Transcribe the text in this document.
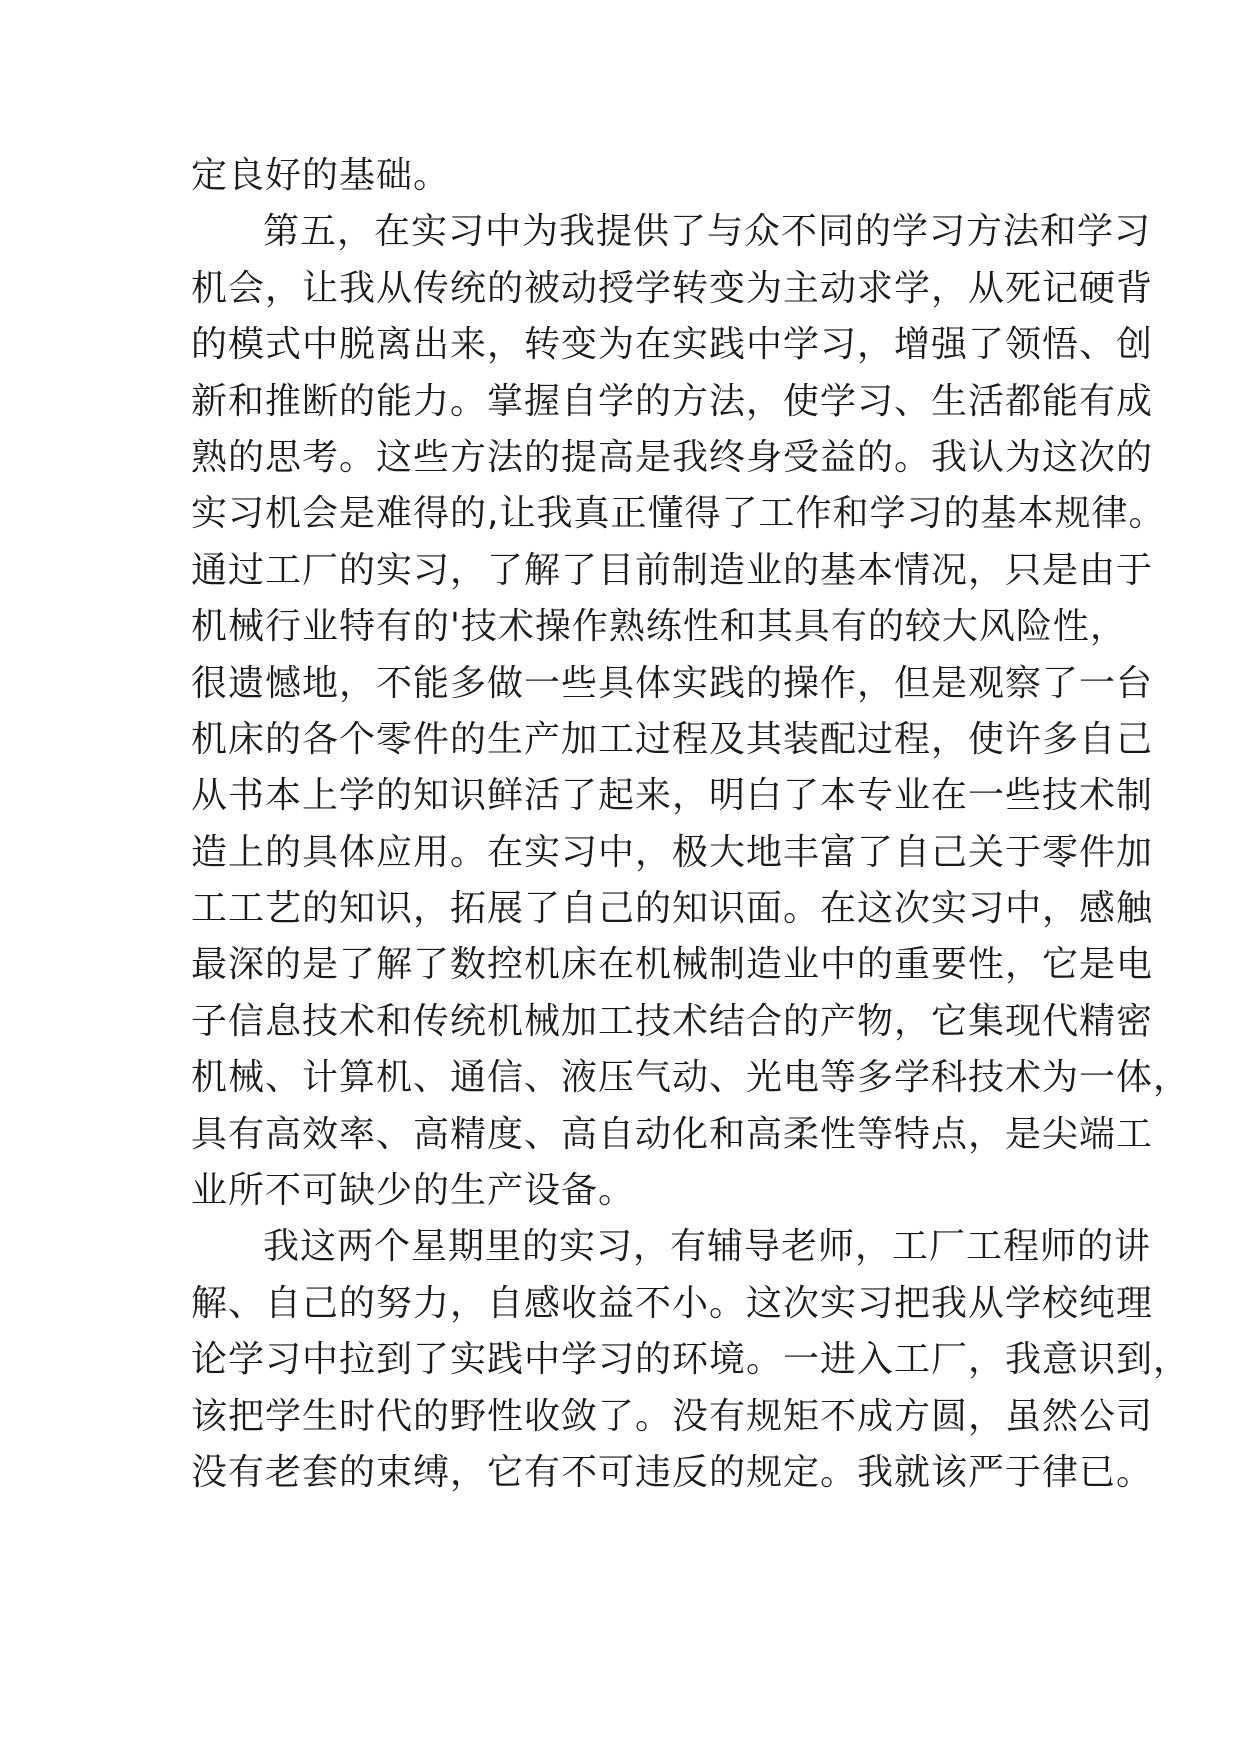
定良好的基础。
第五，在实习中为我提供了与众不同的学习方法和学习
机会，让我从传统的被动授学转变为主动求学，从死记硬背
的模式中脱离出来，转变为在实践中学习，增强了领悟、创
新和推断的能力。掌握自学的方法，使学习、生活都能有成
熟的思考。这些方法的提高是我终身受益的。我认为这次的
实习机会是难得的,让我真正懂得了工作和学习的基本规律。
通过工厂的实习，了解了目前制造业的基本情况，只是由于
机械行业特有的'技术操作熟练性和其具有的较大风险性，
很遗憾地，不能多做一些具体实践的操作，但是观察了一台
机床的各个零件的生产加工过程及其装配过程，使许多自己
从书本上学的知识鲜活了起来，明白了本专业在一些技术制
造上的具体应用。在实习中，极大地丰富了自己关于零件加
工工艺的知识，拓展了自己的知识面。在这次实习中，感触
最深的是了解了数控机床在机械制造业中的重要性，它是电
子信息技术和传统机械加工技术结合的产物，它集现代精密
机械、计算机、通信、液压气动、光电等多学科技术为一体，
具有高效率、高精度、高自动化和高柔性等特点，是尖端工
业所不可缺少的生产设备。
我这两个星期里的实习，有辅导老师，工厂工程师的讲
解、自己的努力，自感收益不小。这次实习把我从学校纯理
论学习中拉到了实践中学习的环境。一进入工厂，我意识到，
该把学生时代的野性收敛了。没有规矩不成方圆，虽然公司
没有老套的束缚，它有不可违反的规定。我就该严于律已。
